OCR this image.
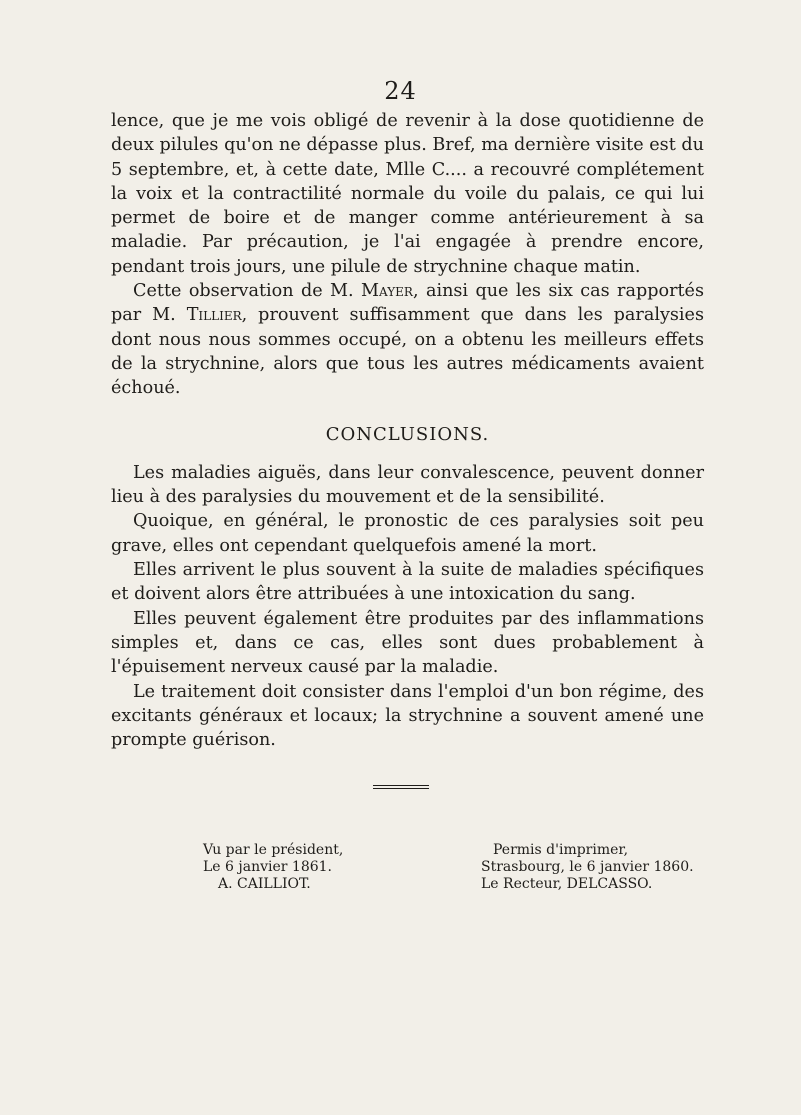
24

lence, que je me vois obligé de revenir à la dose quotidienne de deux pilules qu'on ne dépasse plus. Bref, ma dernière visite est du 5 septembre, et, à cette date, Mlle C.... a recouvré complétement la voix et la contractilité normale du voile du palais, ce qui lui permet de boire et de manger comme antérieurement à sa maladie. Par précaution, je l'ai engagée à prendre encore, pendant trois jours, une pilule de strychnine chaque matin.

Cette observation de M. Mayer, ainsi que les six cas rapportés par M. Tillier, prouvent suffisamment que dans les paralysies dont nous nous sommes occupé, on a obtenu les meilleurs effets de la strychnine, alors que tous les autres médicaments avaient échoué.

CONCLUSIONS.

Les maladies aiguës, dans leur convalescence, peuvent donner lieu à des paralysies du mouvement et de la sensibilité.

Quoique, en général, le pronostic de ces paralysies soit peu grave, elles ont cependant quelquefois amené la mort.

Elles arrivent le plus souvent à la suite de maladies spécifiques et doivent alors être attribuées à une intoxication du sang.

Elles peuvent également être produites par des inflammations simples et, dans ce cas, elles sont dues probablement à l'épuisement nerveux causé par la maladie.

Le traitement doit consister dans l'emploi d'un bon régime, des excitants généraux et locaux; la strychnine a souvent amené une prompte guérison.

Vu par le président,
Le 6 janvier 1861.
A. CAILLIOT.
Permis d'imprimer,
Strasbourg, le 6 janvier 1860.
Le Recteur, DELCASSO.
